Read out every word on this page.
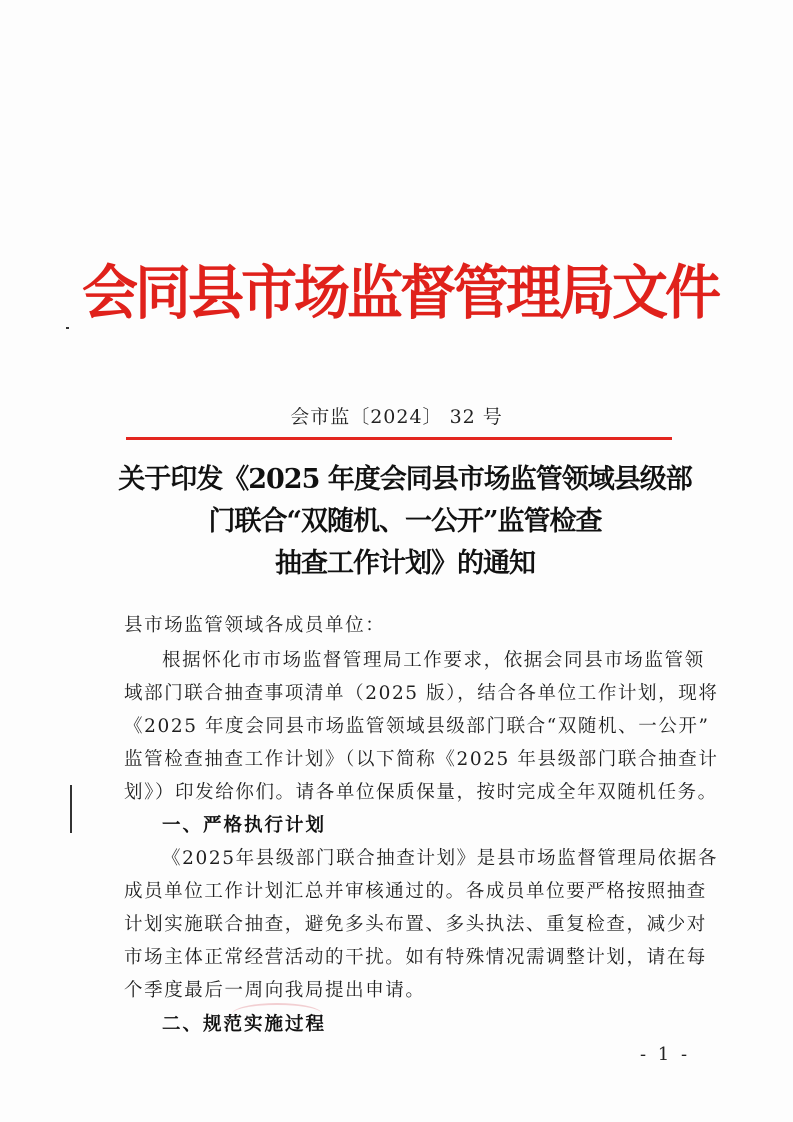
会同县市场监督管理局文件
会市监〔2024〕 32 号
关于印发《2025 年度会同县市场监管领域县级部
门联合“双随机、一公开”监管检查
抽查工作计划》的通知
县市场监管领域各成员单位：
根据怀化市市场监督管理局工作要求，依据会同县市场监管领
域部门联合抽查事项清单（2025 版），结合各单位工作计划，现将
《2025 年度会同县市场监管领域县级部门联合“双随机、一公开”
监管检查抽查工作计划》（以下简称《2025 年县级部门联合抽查计
划》）印发给你们。请各单位保质保量，按时完成全年双随机任务。
一、严格执行计划
《2025年县级部门联合抽查计划》是县市场监督管理局依据各
成员单位工作计划汇总并审核通过的。各成员单位要严格按照抽查
计划实施联合抽查，避免多头布置、多头执法、重复检查，减少对
市场主体正常经营活动的干扰。如有特殊情况需调整计划，请在每
个季度最后一周向我局提出申请。
二、规范实施过程
- 1 -
